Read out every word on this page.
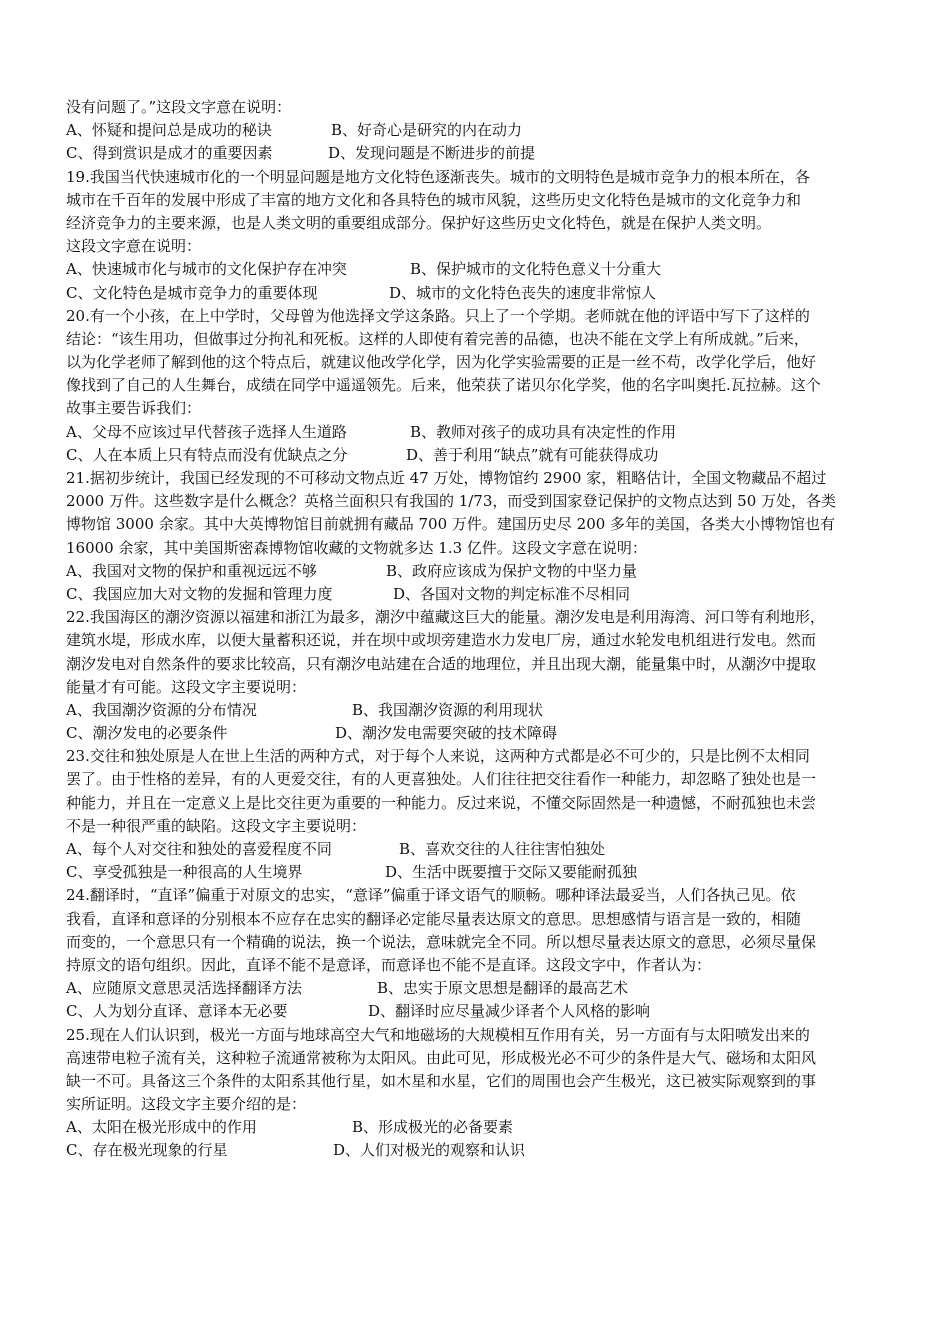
没有问题了。”这段文字意在说明：
A、怀疑和提问总是成功的秘诀	B、好奇心是研究的内在动力
C、得到赏识是成才的重要因素	D、发现问题是不断进步的前提
19.我国当代快速城市化的一个明显问题是地方文化特色逐渐丧失。城市的文明特色是城市竞争力的根本所在，各
城市在千百年的发展中形成了丰富的地方文化和各具特色的城市风貌，这些历史文化特色是城市的文化竞争力和
经济竞争力的主要来源，也是人类文明的重要组成部分。保护好这些历史文化特色，就是在保护人类文明。
这段文字意在说明：
A、快速城市化与城市的文化保护存在冲突	B、保护城市的文化特色意义十分重大
C、文化特色是城市竞争力的重要体现	D、城市的文化特色丧失的速度非常惊人
20.有一个小孩，在上中学时，父母曾为他选择文学这条路。只上了一个学期。老师就在他的评语中写下了这样的
结论：“该生用功，但做事过分拘礼和死板。这样的人即使有着完善的品德，也决不能在文学上有所成就。”后来，
以为化学老师了解到他的这个特点后，就建议他改学化学，因为化学实验需要的正是一丝不苟，改学化学后，他好
像找到了自己的人生舞台，成绩在同学中遥遥领先。后来，他荣获了诺贝尔化学奖，他的名字叫奥托.瓦拉赫。这个
故事主要告诉我们：
A、父母不应该过早代替孩子选择人生道路	B、教师对孩子的成功具有决定性的作用
C、人在本质上只有特点而没有优缺点之分	D、善于利用“缺点”就有可能获得成功
21.据初步统计，我国已经发现的不可移动文物点近 47 万处，博物馆约 2900 家，粗略估计，全国文物藏品不超过
2000 万件。这些数字是什么概念？英格兰面积只有我国的 1/73，而受到国家登记保护的文物点达到 50 万处，各类
博物馆 3000 余家。其中大英博物馆目前就拥有藏品 700 万件。建国历史尽 200 多年的美国，各类大小博物馆也有
16000 余家，其中美国斯密森博物馆收藏的文物就多达 1.3 亿件。这段文字意在说明：
A、我国对文物的保护和重视远远不够	B、政府应该成为保护文物的中坚力量
C、我国应加大对文物的发掘和管理力度	D、各国对文物的判定标准不尽相同
22.我国海区的潮汐资源以福建和浙江为最多，潮汐中蕴藏这巨大的能量。潮汐发电是利用海湾、河口等有利地形，
建筑水堤，形成水库，以便大量蓄积还说，并在坝中或坝旁建造水力发电厂房，通过水轮发电机组进行发电。然而
潮汐发电对自然条件的要求比较高，只有潮汐电站建在合适的地理位，并且出现大潮，能量集中时，从潮汐中提取
能量才有可能。这段文字主要说明：
A、我国潮汐资源的分布情况	B、我国潮汐资源的利用现状
C、潮汐发电的必要条件	D、潮汐发电需要突破的技术障碍
23.交往和独处原是人在世上生活的两种方式，对于每个人来说，这两种方式都是必不可少的，只是比例不太相同
罢了。由于性格的差异，有的人更爱交往，有的人更喜独处。人们往往把交往看作一种能力，却忽略了独处也是一
种能力，并且在一定意义上是比交往更为重要的一种能力。反过来说，不懂交际固然是一种遗憾，不耐孤独也未尝
不是一种很严重的缺陷。这段文字主要说明：
A、每个人对交往和独处的喜爱程度不同	B、喜欢交往的人往往害怕独处
C、享受孤独是一种很高的人生境界	D、生活中既要擅于交际又要能耐孤独
24.翻译时，“直译”偏重于对原文的忠实，“意译”偏重于译文语气的顺畅。哪种译法最妥当，人们各执己见。依
我看，直译和意译的分别根本不应存在忠实的翻译必定能尽量表达原文的意思。思想感情与语言是一致的，相随
而变的，一个意思只有一个精确的说法，换一个说法，意味就完全不同。所以想尽量表达原文的意思，必须尽量保
持原文的语句组织。因此，直译不能不是意译，而意译也不能不是直译。这段文字中，作者认为：
A、应随原文意思灵活选择翻译方法	B、忠实于原文思想是翻译的最高艺术
C、人为划分直译、意译本无必要	D、翻译时应尽量减少译者个人风格的影响
25.现在人们认识到，极光一方面与地球高空大气和地磁场的大规模相互作用有关，另一方面有与太阳喷发出来的
高速带电粒子流有关，这种粒子流通常被称为太阳风。由此可见，形成极光必不可少的条件是大气、磁场和太阳风
缺一不可。具备这三个条件的太阳系其他行星，如木星和水星，它们的周围也会产生极光，这已被实际观察到的事
实所证明。这段文字主要介绍的是：
A、太阳在极光形成中的作用	B、形成极光的必备要素
C、存在极光现象的行星	D、人们对极光的观察和认识
